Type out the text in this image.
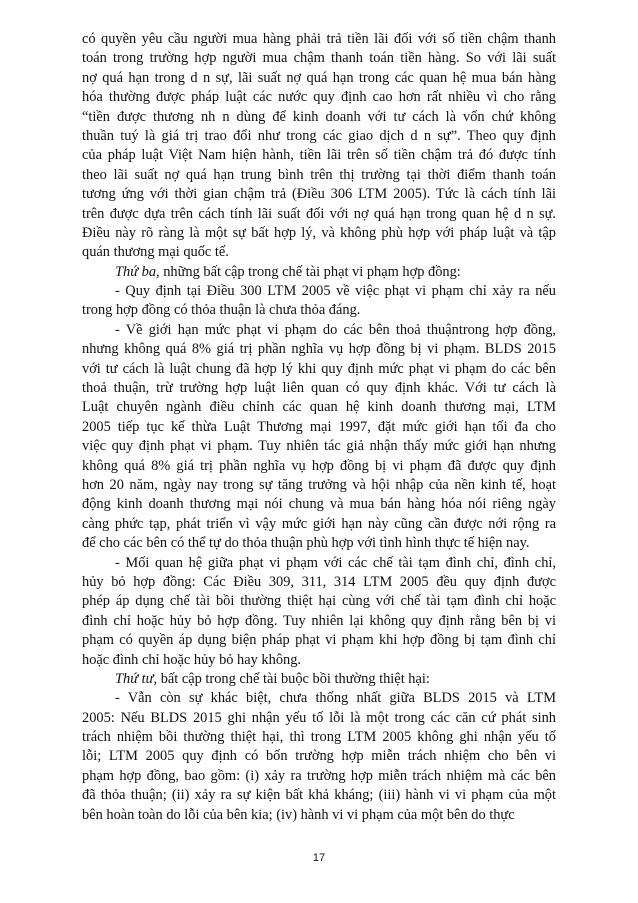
có quyền yêu cầu người mua hàng phải trả tiền lãi đối với số tiền chậm thanh
toán trong trường hợp người mua chậm thanh toán tiền hàng. So với lãi suất
nợ quá hạn trong d n sự, lãi suất nợ quá hạn trong các quan hệ mua bán hàng
hóa thường được pháp luật các nước quy định cao hơn rất nhiều vì cho rằng
“tiền được thương nh n dùng để kinh doanh với tư cách là vốn chứ không
thuần tuý là giá trị trao đổi như trong các giao dịch d n sự”. Theo quy định
của pháp luật Việt Nam hiện hành, tiền lãi trên số tiền chậm trả đó được tính
theo lãi suất nợ quá hạn trung bình trên thị trường tại thời điểm thanh toán
tương ứng với thời gian chậm trả (Điều 306 LTM 2005). Tức là cách tính lãi
trên được dựa trên cách tính lãi suất đối với nợ quá hạn trong quan hệ d n sự.
Điều này rõ ràng là một sự bất hợp lý, và không phù hợp với pháp luật và tập
quán thương mại quốc tế.
Thứ ba, những bất cập trong chế tài phạt vi phạm hợp đồng:
- Quy định tại Điều 300 LTM 2005 về việc phạt vi phạm chỉ xảy ra nếu
trong hợp đồng có thỏa thuận là chưa thỏa đáng.
- Về giới hạn mức phạt vi phạm do các bên thoả thuậntrong hợp đồng,
nhưng không quá 8% giá trị phần nghĩa vụ hợp đồng bị vi phạm. BLDS 2015
với tư cách là luật chung đã hợp lý khi quy định mức phạt vi phạm do các bên
thoả thuận, trừ trường hợp luật liên quan có quy định khác. Với tư cách là
Luật chuyên ngành điều chỉnh các quan hệ kinh doanh thương mại, LTM
2005 tiếp tục kế thừa Luật Thương mại 1997, đặt mức giới hạn tối đa cho
việc quy định phạt vi phạm. Tuy nhiên tác giả nhận thấy mức giới hạn nhưng
không quá 8% giá trị phần nghĩa vụ hợp đồng bị vi phạm đã được quy định
hơn 20 năm, ngày nay trong sự tăng trưởng và hội nhập của nền kinh tế, hoạt
động kinh doanh thương mại nói chung và mua bán hàng hóa nói riêng ngày
càng phức tạp, phát triển vì vậy mức giới hạn này cũng cần được nới rộng ra
để cho các bên có thể tự do thỏa thuận phù hợp với tình hình thực tế hiện nay.
- Mối quan hệ giữa phạt vi phạm với các chế tài tạm đình chỉ, đình chỉ,
hủy bỏ hợp đồng: Các Điều 309, 311, 314 LTM 2005 đều quy định được
phép áp dụng chế tài bồi thường thiệt hại cùng với chế tài tạm đình chỉ hoặc
đình chỉ hoặc hủy bỏ hợp đồng. Tuy nhiên lại không quy định rằng bên bị vi
phạm có quyền áp dụng biện pháp phạt vi phạm khi hợp đồng bị tạm đình chỉ
hoặc đình chỉ hoặc hủy bỏ hay không.
Thứ tư, bất cập trong chế tài buộc bồi thường thiệt hại:
- Vẫn còn sự khác biệt, chưa thống nhất giữa BLDS 2015 và LTM
2005: Nếu BLDS 2015 ghi nhận yếu tố lỗi là một trong các căn cứ phát sinh
trách nhiệm bồi thường thiệt hại, thì trong LTM 2005 không ghi nhận yếu tố
lỗi; LTM 2005 quy định có bốn trường hợp miễn trách nhiệm cho bên vi
phạm hợp đồng, bao gồm: (i) xảy ra trường hợp miễn trách nhiệm mà các bên
đã thỏa thuận; (ii) xảy ra sự kiện bất khả kháng; (iii) hành vi vi phạm của một
bên hoàn toàn do lỗi của bên kia; (iv) hành vi vi phạm của một bên do thực
17
